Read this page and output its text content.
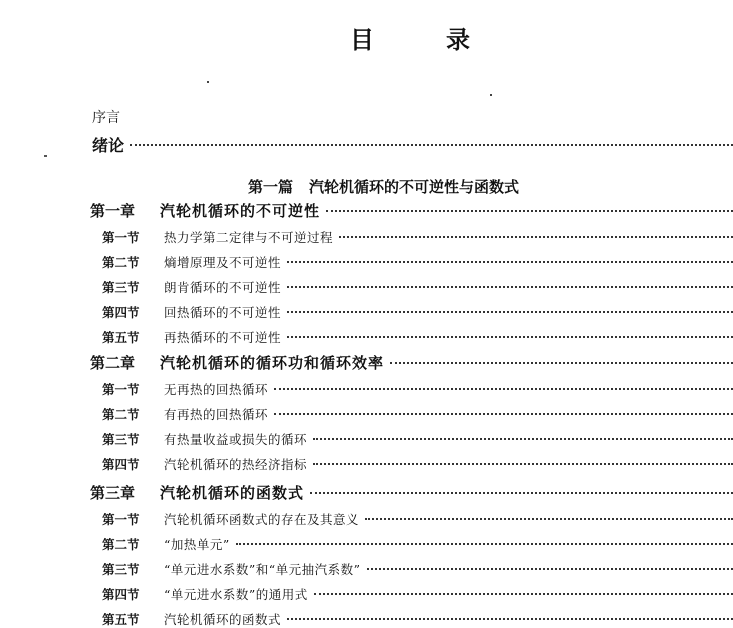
目	录
序言
绪论
第一篇 汽轮机循环的不可逆性与函数式
第一章	汽轮机循环的不可逆性
第一节	热力学第二定律与不可逆过程
第二节	熵增原理及不可逆性
第三节	朗肯循环的不可逆性
第四节	回热循环的不可逆性
第五节	再热循环的不可逆性
第二章	汽轮机循环的循环功和循环效率
第一节	无再热的回热循环
第二节	有再热的回热循环
第三节	有热量收益或损失的循环
第四节	汽轮机循环的热经济指标
第三章	汽轮机循环的函数式
第一节	汽轮机循环函数式的存在及其意义
第二节	“加热单元”
第三节	“单元进水系数”和“单元抽汽系数”
第四节	“单元进水系数”的通用式
第五节	汽轮机循环的函数式
